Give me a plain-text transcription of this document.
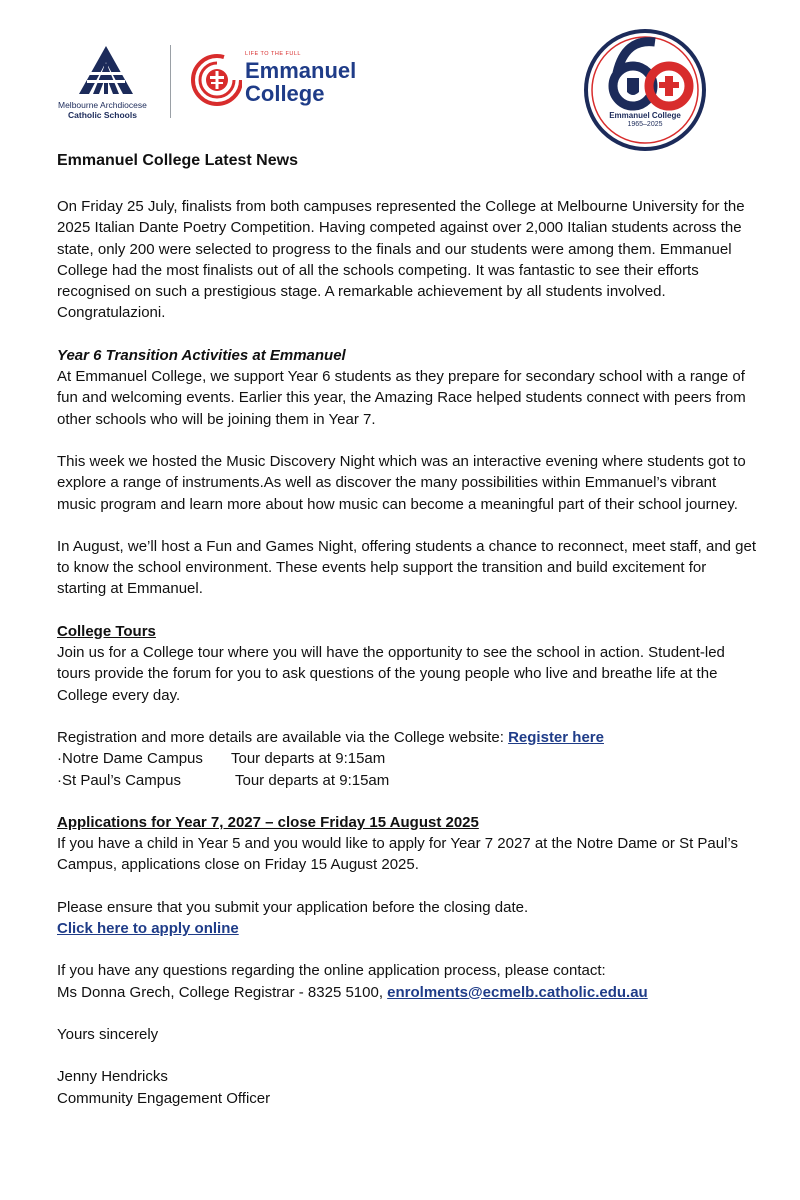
Melbourne Archdiocese
Catholic Schools
LIFE TO THE FULL
Emmanuel
College
Emmanuel College
1965–2025

Emmanuel College Latest News

On Friday 25 July, finalists from both campuses represented the College at Melbourne University for the 2025 Italian Dante Poetry Competition. Having competed against over 2,000 Italian students across the state, only 200 were selected to progress to the finals and our students were among them. Emmanuel College had the most finalists out of all the schools competing. It was fantastic to see their efforts recognised on such a prestigious stage. A remarkable achievement by all students involved. Congratulazioni.

Year 6 Transition Activities at Emmanuel

At Emmanuel College, we support Year 6 students as they prepare for secondary school with a range of fun and welcoming events. Earlier this year, the Amazing Race helped students connect with peers from other schools who will be joining them in Year 7.

This week we hosted the Music Discovery Night which was an interactive evening where students got to explore a range of instruments.As well as discover the many possibilities within Emmanuel’s vibrant music program and learn more about how music can become a meaningful part of their school journey.

In August, we’ll host a Fun and Games Night, offering students a chance to reconnect, meet staff, and get to know the school environment. These events help support the transition and build excitement for starting at Emmanuel.

College Tours

Join us for a College tour where you will have the opportunity to see the school in action. Student-led tours provide the forum for you to ask questions of the young people who live and breathe life at the College every day.

Registration and more details are available via the College website: Register here

·Notre Dame Campus Tour departs at 9:15am

·St Paul’s Campus	Tour departs at 9:15am

Applications for Year 7, 2027 – close Friday 15 August 2025

If you have a child in Year 5 and you would like to apply for Year 7 2027 at the Notre Dame or St Paul’s Campus, applications close on Friday 15 August 2025.

Please ensure that you submit your application before the closing date.

Click here to apply online

If you have any questions regarding the online application process, please contact:

Ms Donna Grech, College Registrar - 8325 5100, enrolments@ecmelb.catholic.edu.au

Yours sincerely

Jenny Hendricks

Community Engagement Officer
